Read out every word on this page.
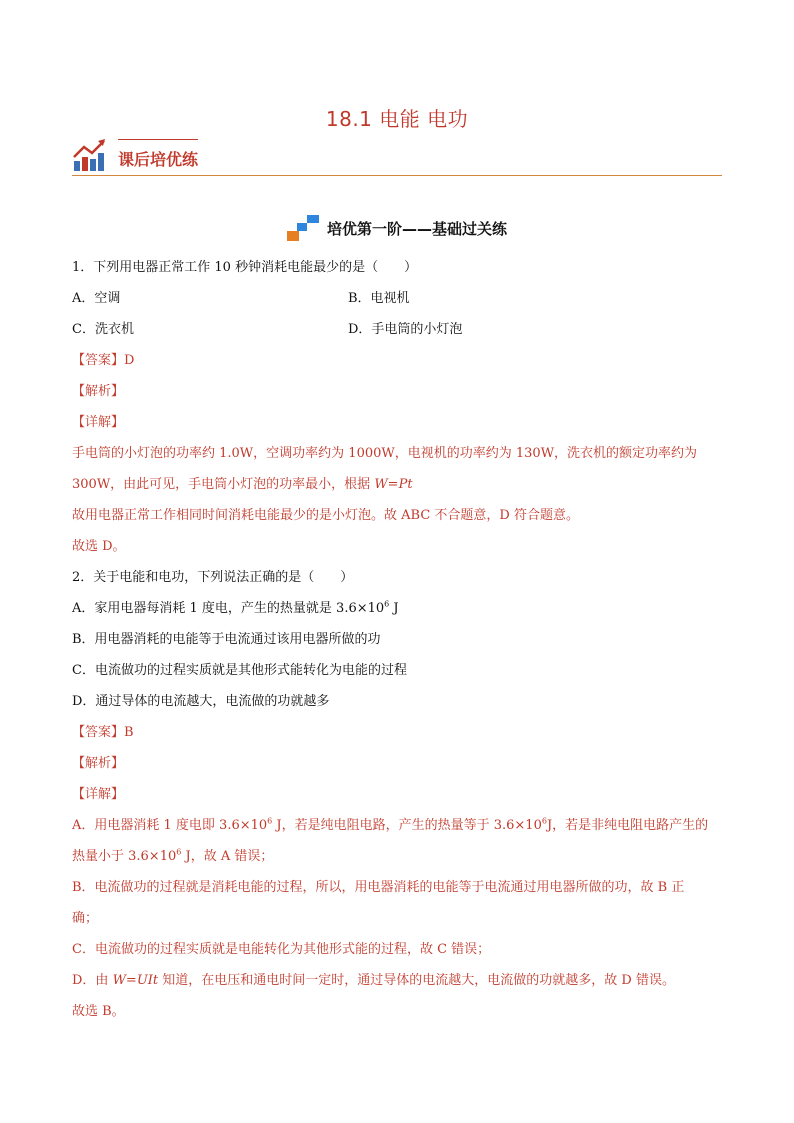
18.1 电能 电功
课后培优练
培优第一阶——基础过关练
1．下列用电器正常工作 10 秒钟消耗电能最少的是（　　）
A．空调	B．电视机
C．洗衣机	D．手电筒的小灯泡
【答案】D
【解析】
【详解】
手电筒的小灯泡的功率约 1.0W，空调功率约为 1000W，电视机的功率约为 130W，洗衣机的额定功率约为
300W，由此可见，手电筒小灯泡的功率最小，根据 W=Pt
故用电器正常工作相同时间消耗电能最少的是小灯泡。故 ABC 不合题意，D 符合题意。
故选 D。
2．关于电能和电功，下列说法正确的是（　　）
A．家用电器每消耗 1 度电，产生的热量就是 $3.6\times 10^6$ J
B．用电器消耗的电能等于电流通过该用电器所做的功
C．电流做功的过程实质就是其他形式能转化为电能的过程
D．通过导体的电流越大，电流做的功就越多
【答案】B
【解析】
【详解】
A．用电器消耗 1 度电即 $3.6\times 10^6$ J，若是纯电阻电路，产生的热量等于 $3.6\times 10^6J$，若是非纯电阻电路产生的
热量小于 $3.6\times 10^6$ J，故 A 错误；
B．电流做功的过程就是消耗电能的过程，所以，用电器消耗的电能等于电流通过用电器所做的功，故 B 正
确；
C．电流做功的过程实质就是电能转化为其他形式能的过程，故 C 错误；
D．由 W=UIt 知道，在电压和通电时间一定时，通过导体的电流越大，电流做的功就越多，故 D 错误。
故选 B。
